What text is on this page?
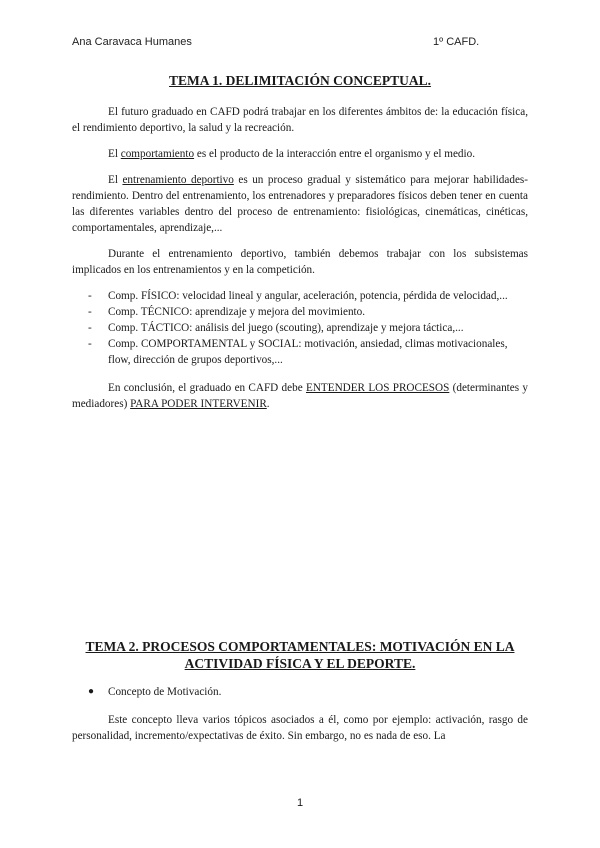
Ana Caravaca Humanes	1º CAFD.
TEMA 1. DELIMITACIÓN CONCEPTUAL.

El futuro graduado en CAFD podrá trabajar en los diferentes ámbitos de: la educación física, el rendimiento deportivo, la salud y la recreación.

El comportamiento es el producto de la interacción entre el organismo y el medio.

El entrenamiento deportivo es un proceso gradual y sistemático para mejorar habilidades-rendimiento. Dentro del entrenamiento, los entrenadores y preparadores físicos deben tener en cuenta las diferentes variables dentro del proceso de entrenamiento: fisiológicas, cinemáticas, cinéticas, comportamentales, aprendizaje,...

Durante el entrenamiento deportivo, también debemos trabajar con los subsistemas implicados en los entrenamientos y en la competición.

- Comp. FÍSICO: velocidad lineal y angular, aceleración, potencia, pérdida de velocidad,...
- Comp. TÉCNICO: aprendizaje y mejora del movimiento.
- Comp. TÁCTICO: análisis del juego (scouting), aprendizaje y mejora táctica,...
- Comp. COMPORTAMENTAL y SOCIAL: motivación, ansiedad, climas motivacionales, flow, dirección de grupos deportivos,...

En conclusión, el graduado en CAFD debe ENTENDER LOS PROCESOS (determinantes y mediadores) PARA PODER INTERVENIR.

TEMA 2. PROCESOS COMPORTAMENTALES: MOTIVACIÓN EN LA ACTIVIDAD FÍSICA Y EL DEPORTE.
● Concepto de Motivación.

Este concepto lleva varios tópicos asociados a él, como por ejemplo: activación, rasgo de personalidad, incremento/expectativas de éxito. Sin embargo, no es nada de eso. La

1
